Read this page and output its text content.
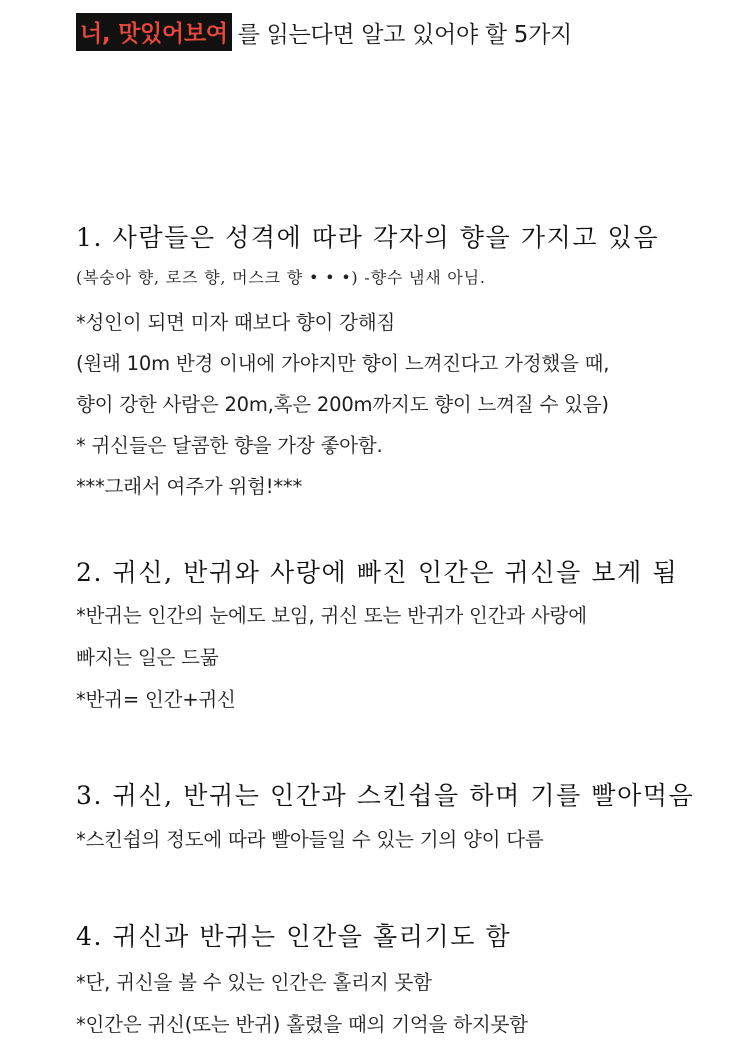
너, 맛있어보여 를 읽는다면 알고 있어야 할 5가지
1. 사람들은 성격에 따라 각자의 향을 가지고 있음
(복숭아 향, 로즈 향, 머스크 향 • • •) -향수 냄새 아님.
*성인이 되면 미자 때보다 향이 강해짐
(원래 10m 반경 이내에 가야지만 향이 느껴진다고 가정했을 때,
향이 강한 사람은 20m,혹은 200m까지도 향이 느껴질 수 있음)
* 귀신들은 달콤한 향을 가장 좋아함.
***그래서 여주가 위험!***
2. 귀신, 반귀와 사랑에 빠진 인간은 귀신을 보게 됨
*반귀는 인간의 눈에도 보임, 귀신 또는 반귀가 인간과 사랑에
빠지는 일은 드묾
*반귀= 인간+귀신
3. 귀신, 반귀는 인간과 스킨쉽을 하며 기를 빨아먹음
*스킨쉽의 정도에 따라 빨아들일 수 있는 기의 양이 다름
4. 귀신과 반귀는 인간을 홀리기도 함
*단, 귀신을 볼 수 있는 인간은 홀리지 못함
*인간은 귀신(또는 반귀) 홀렸을 때의 기억을 하지못함
